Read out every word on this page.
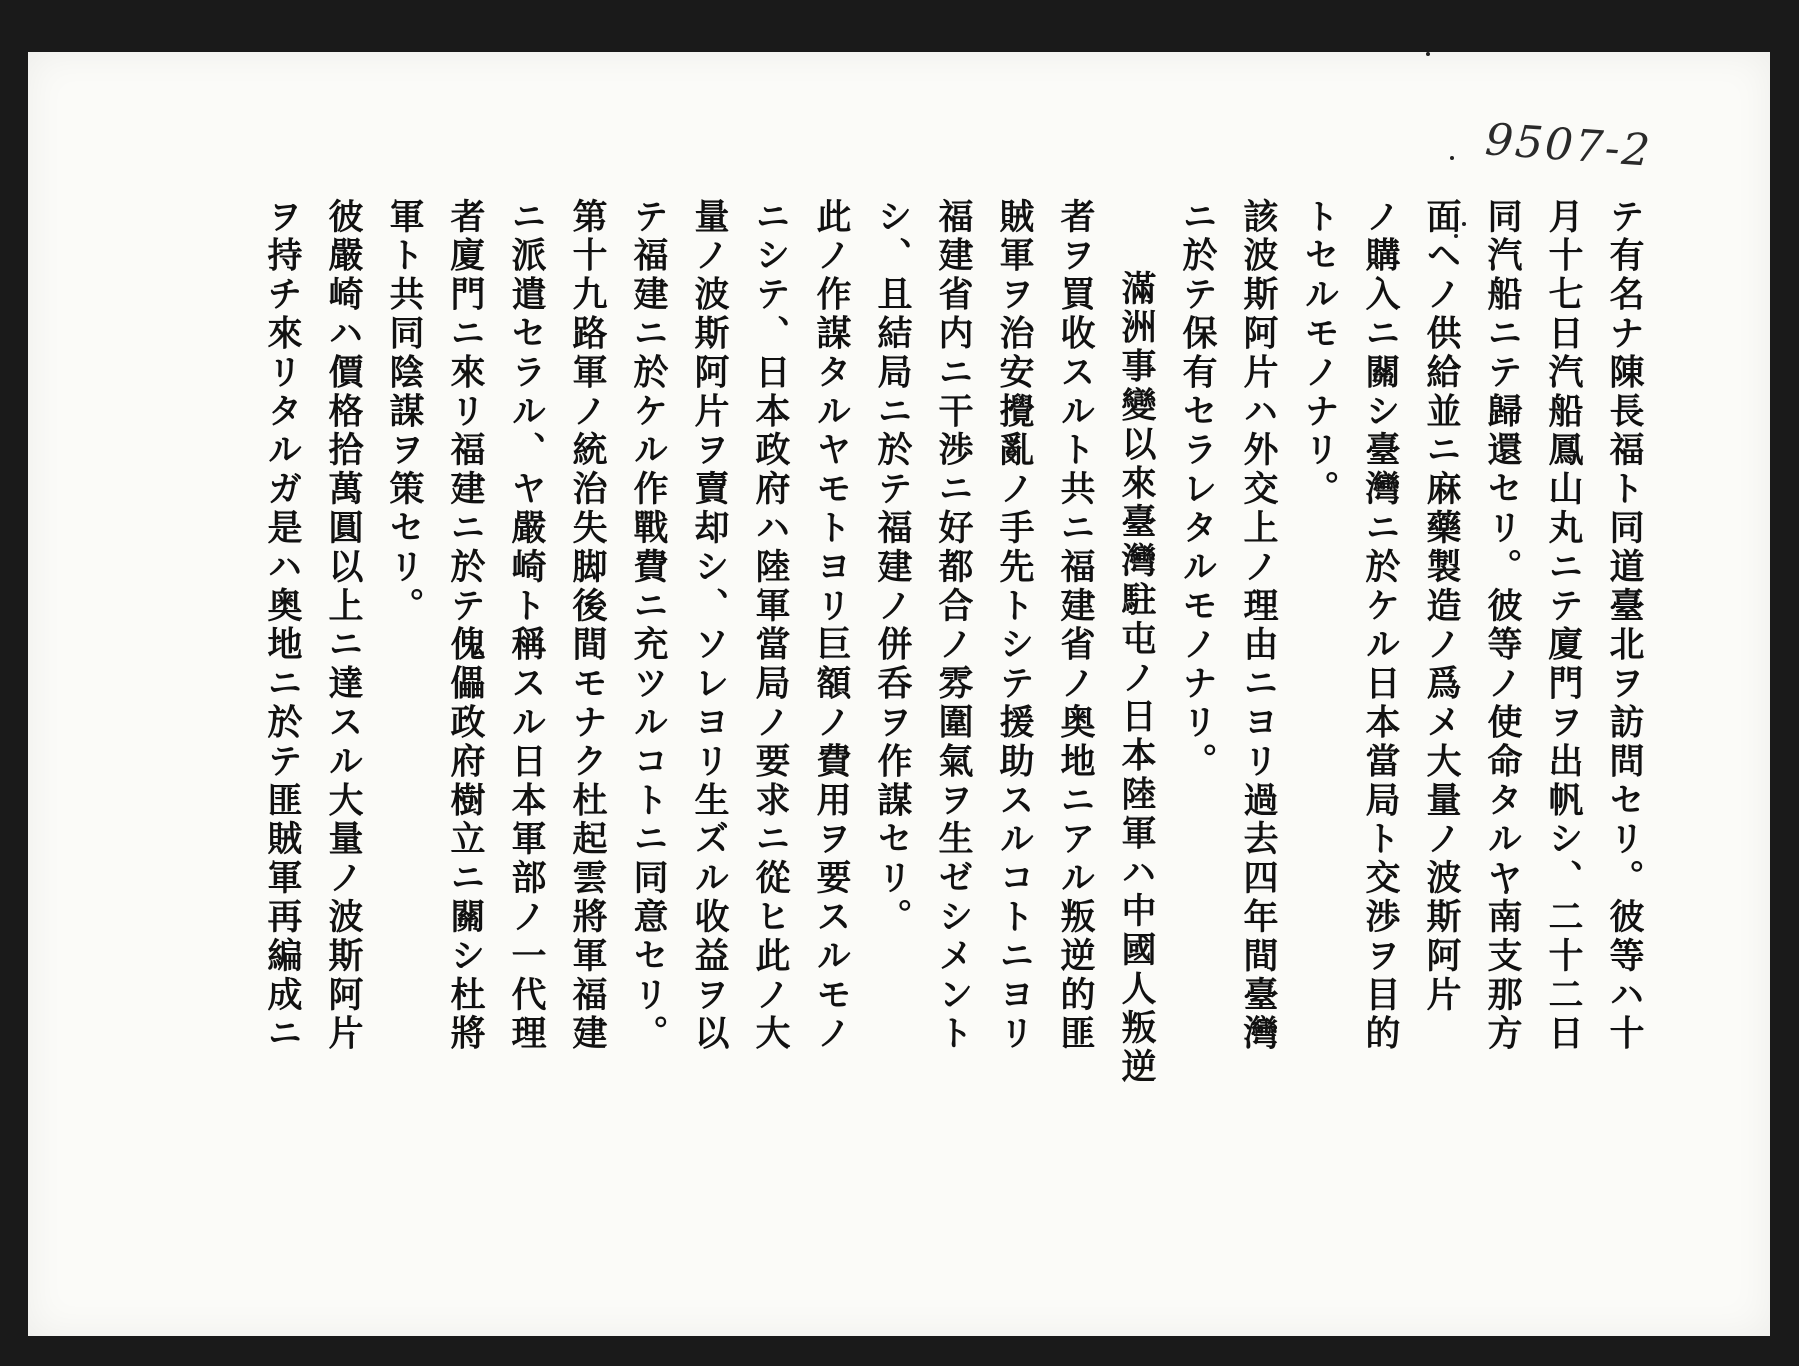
9507-2
テ有名ナ陳長福ト同道臺北ヲ訪問セリ。彼等ハ十
月十七日汽船鳳山丸ニテ廈門ヲ出帆シ、二十二日
同汽船ニテ歸還セリ。彼等ノ使命タルヤ南支那方
面ヘノ供給並ニ麻藥製造ノ爲メ大量ノ波斯阿片
ノ購入ニ關シ臺灣ニ於ケル日本當局ト交渉ヲ目的
トセルモノナリ。
該波斯阿片ハ外交上ノ理由ニヨリ過去四年間臺灣
ニ於テ保有セラレタルモノナリ。
滿洲事變以來臺灣駐屯ノ日本陸軍ハ中國人叛逆
者ヲ買收スルト共ニ福建省ノ奥地ニアル叛逆的匪
賊軍ヲ治安攪亂ノ手先トシテ援助スルコトニヨリ
福建省内ニ干渉ニ好都合ノ雰圍氣ヲ生ゼシメント
シ、且結局ニ於テ福建ノ併呑ヲ作謀セリ。
此ノ作謀タルヤモトヨリ巨額ノ費用ヲ要スルモノ
ニシテ、日本政府ハ陸軍當局ノ要求ニ從ヒ此ノ大
量ノ波斯阿片ヲ賣却シ、ソレヨリ生ズル收益ヲ以
テ福建ニ於ケル作戰費ニ充ツルコトニ同意セリ。
第十九路軍ノ統治失脚後間モナク杜起雲將軍福建
ニ派遣セラル、ヤ嚴崎ト稱スル日本軍部ノ一代理
者廈門ニ來リ福建ニ於テ傀儡政府樹立ニ關シ杜將
軍ト共同陰謀ヲ策セリ。
彼嚴崎ハ價格拾萬圓以上ニ達スル大量ノ波斯阿片
ヲ持チ來リタルガ是ハ奥地ニ於テ匪賊軍再編成ニ
